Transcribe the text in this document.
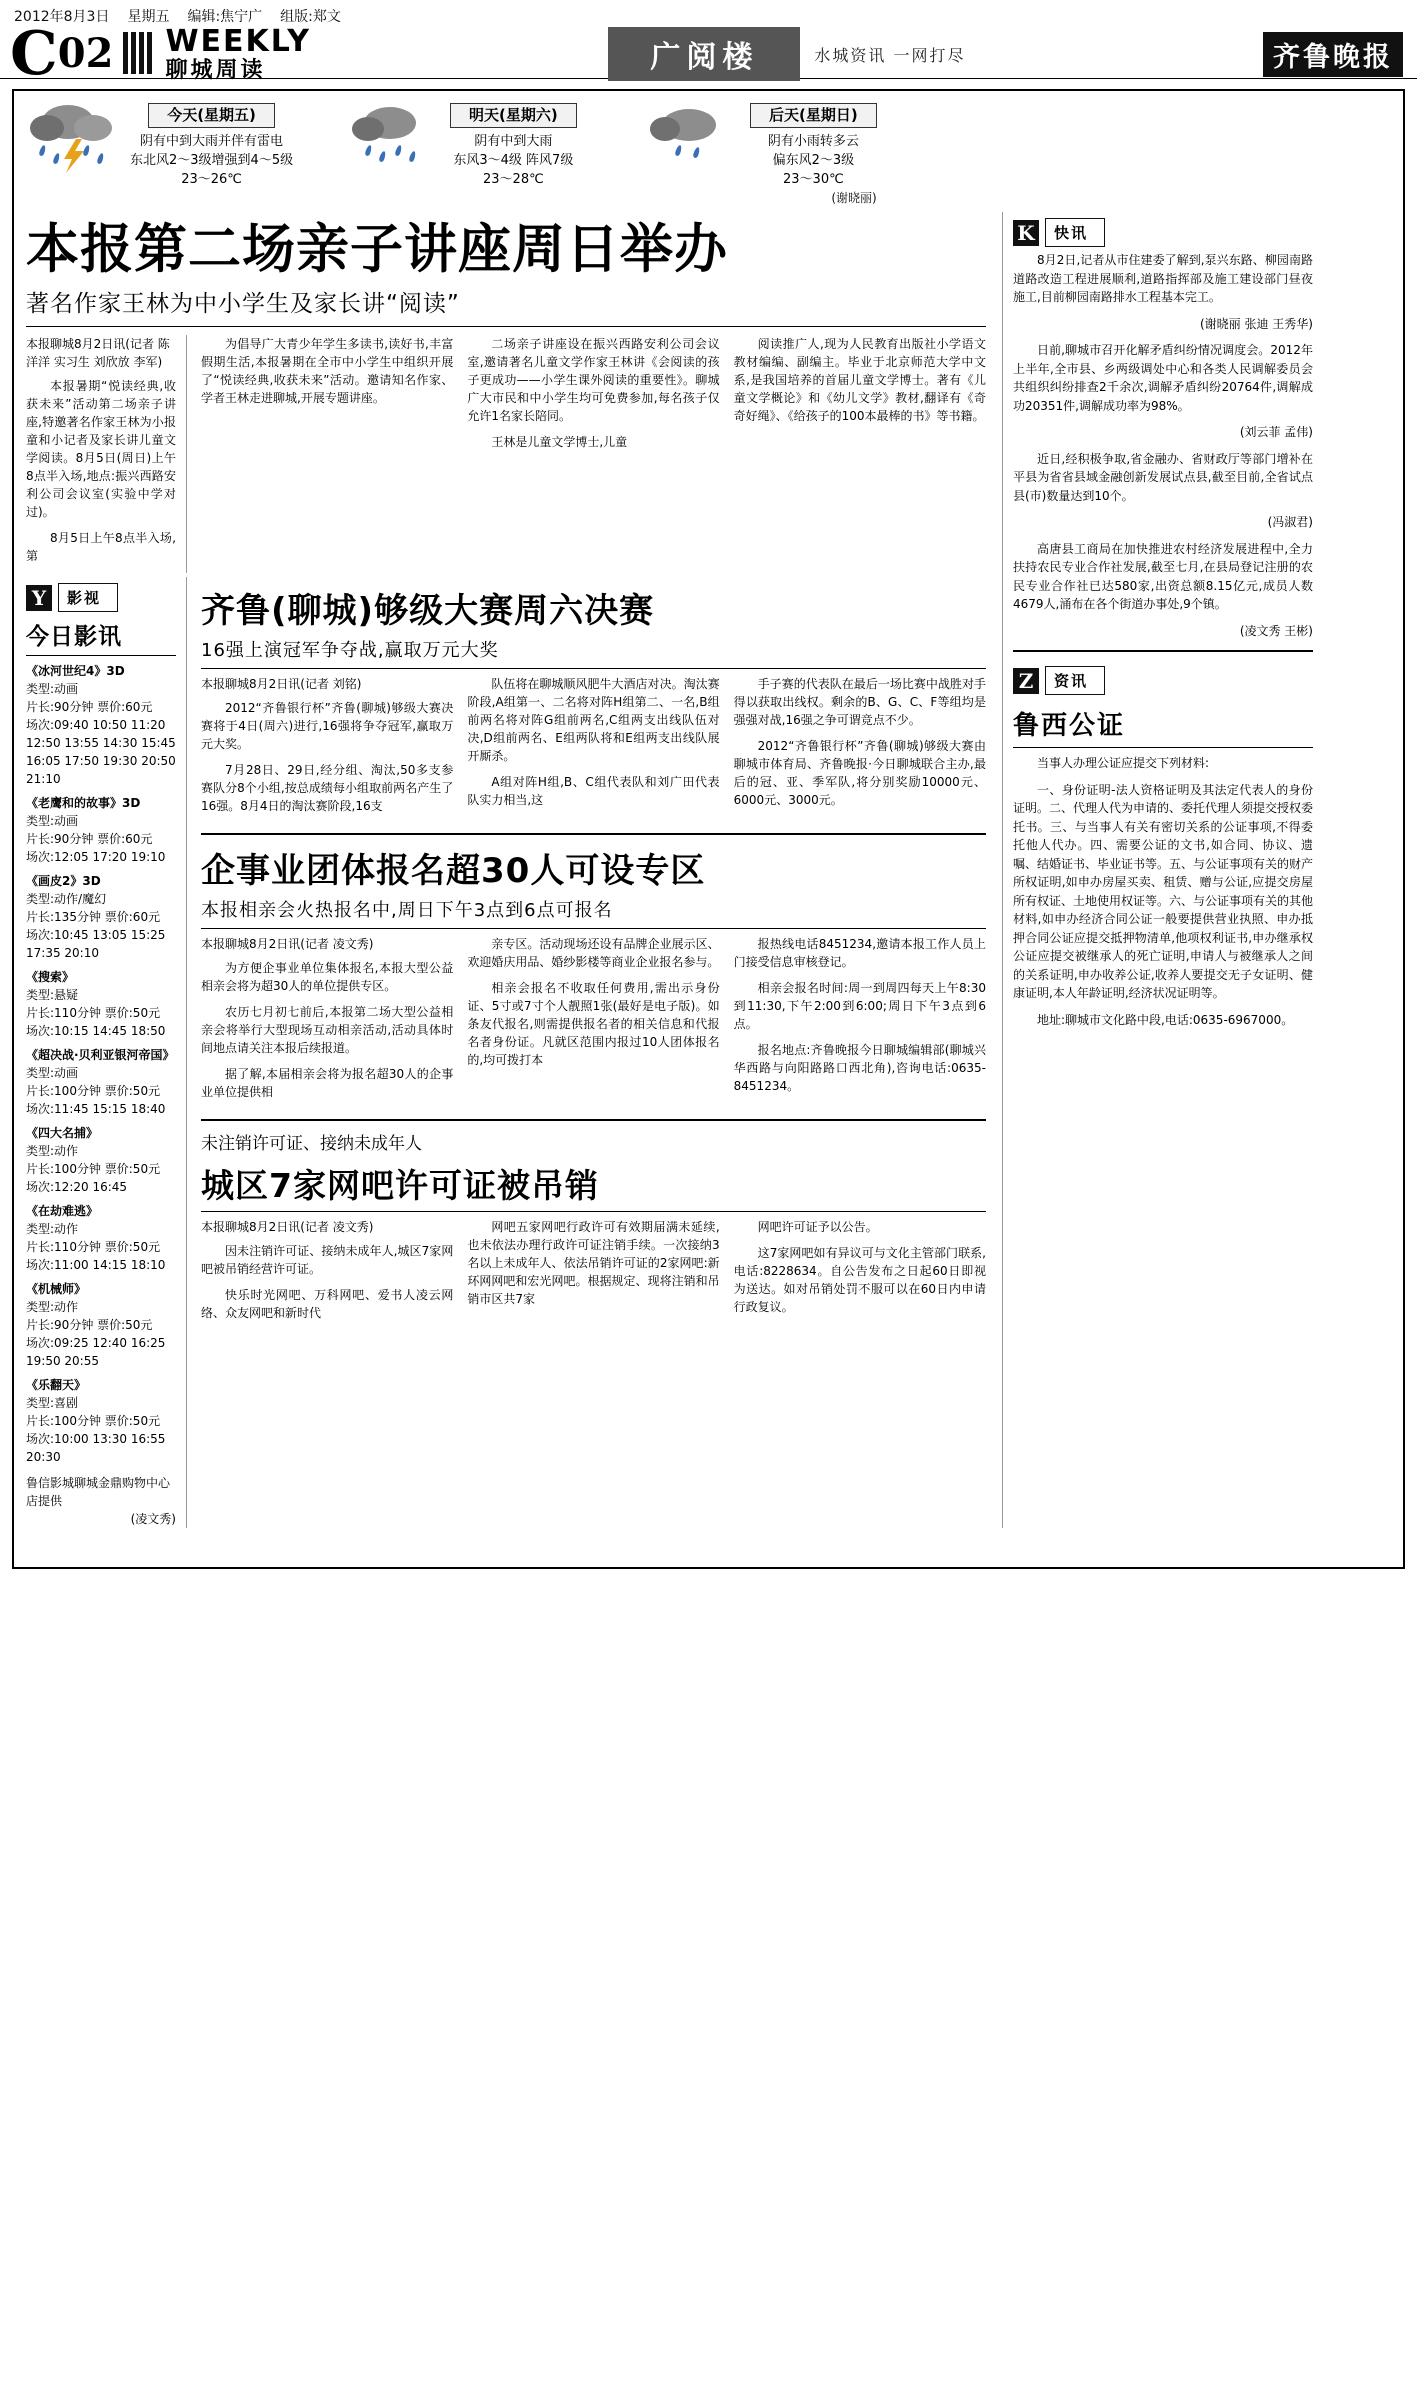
2012年8月3日 星期五 编辑:焦宁广 组版:郑文
C 02 WEEKLY
聊城周读	广阅楼	水城资讯 一网打尽	齐鲁晚报
今天(星期五)
阴有中到大雨并伴有雷电
东北风2～3级增强到4～5级
23～26℃
明天(星期六)
阴有中到大雨
东风3～4级 阵风7级
23～28℃
后天(星期日)
阴有小雨转多云
偏东风2～3级
23～30℃
(谢晓丽)
本报第二场亲子讲座周日举办
著名作家王林为中小学生及家长讲“阅读”
本报聊城8月2日讯(记者 陈洋洋 实习生 刘欣放 李军)

本报暑期“悦读经典,收获未来”活动第二场亲子讲座,特邀著名作家王林为小报童和小记者及家长讲儿童文学阅读。8月5日(周日)上午8点半入场,地点:振兴西路安利公司会议室(实验中学对过)。

8月5日上午8点半入场,第

为倡导广大青少年学生多读书,读好书,丰富假期生活,本报暑期在全市中小学生中组织开展了“悦读经典,收获未来”活动。邀请知名作家、学者王林走进聊城,开展专题讲座。

二场亲子讲座设在振兴西路安利公司会议室,邀请著名儿童文学作家王林讲《会阅读的孩子更成功——小学生课外阅读的重要性》。聊城广大市民和中小学生均可免费参加,每名孩子仅允许1名家长陪同。

王林是儿童文学博士,儿童

阅读推广人,现为人民教育出版社小学语文教材编编、副编主。毕业于北京师范大学中文系,是我国培养的首届儿童文学博士。著有《儿童文学概论》和《幼儿文学》教材,翻译有《奇奇好绳》、《给孩子的100本最棒的书》等书籍。

Y	影视
今日影讯
《冰河世纪4》3D
类型:动画
片长:90分钟 票价:60元
场次:09:40 10:50 11:20 12:50 13:55 14:30 15:45 16:05 17:50 19:30 20:50 21:10
《老鹰和的故事》3D
类型:动画
片长:90分钟 票价:60元
场次:12:05 17:20 19:10
《画皮2》3D
类型:动作/魔幻
片长:135分钟 票价:60元
场次:10:45 13:05 15:25 17:35 20:10
《搜索》
类型:悬疑
片长:110分钟 票价:50元
场次:10:15 14:45 18:50
《超决战·贝利亚银河帝国》
类型:动画
片长:100分钟 票价:50元
场次:11:45 15:15 18:40
《四大名捕》
类型:动作
片长:100分钟 票价:50元
场次:12:20 16:45
《在劫难逃》
类型:动作
片长:110分钟 票价:50元
场次:11:00 14:15 18:10
《机械师》
类型:动作
片长:90分钟 票价:50元
场次:09:25 12:40 16:25 19:50 20:55
《乐翻天》
类型:喜剧
片长:100分钟 票价:50元
场次:10:00 13:30 16:55 20:30
鲁信影城聊城金鼎购物中心
店提供
(凌文秀)
齐鲁(聊城)够级大赛周六决赛
16强上演冠军争夺战,赢取万元大奖
本报聊城8月2日讯(记者 刘铭)

2012“齐鲁银行杯”齐鲁(聊城)够级大赛决赛将于4日(周六)进行,16强将争夺冠军,赢取万元大奖。

7月28日、29日,经分组、淘汰,50多支参赛队分8个小组,按总成绩每小组取前两名产生了16强。8月4日的淘汰赛阶段,16支

队伍将在聊城顺风肥牛大酒店对决。淘汰赛阶段,A组第一、二名将对阵H组第二、一名,B组前两名将对阵G组前两名,C组两支出线队伍对决,D组前两名、E组两队将和E组两支出线队展开厮杀。

A组对阵H组,B、C组代表队和刘广田代表队实力相当,这

手子赛的代表队在最后一场比赛中战胜对手得以获取出线权。剩余的B、G、C、F等组均是强强对战,16强之争可谓竞点不少。

2012“齐鲁银行杯”齐鲁(聊城)够级大赛由聊城市体育局、齐鲁晚报·今日聊城联合主办,最后的冠、亚、季军队,将分别奖励10000元、6000元、3000元。

企事业团体报名超30人可设专区
本报相亲会火热报名中,周日下午3点到6点可报名
本报聊城8月2日讯(记者 凌文秀)

为方便企事业单位集体报名,本报大型公益相亲会将为超30人的单位提供专区。

农历七月初七前后,本报第二场大型公益相亲会将举行大型现场互动相亲活动,活动具体时间地点请关注本报后续报道。

据了解,本届相亲会将为报名超30人的企事业单位提供相

亲专区。活动现场还设有品牌企业展示区、欢迎婚庆用品、婚纱影楼等商业企业报名参与。

相亲会报名不收取任何费用,需出示身份证、5寸或7寸个人靓照1张(最好是电子版)。如条友代报名,则需提供报名者的相关信息和代报名者身份证。凡就区范围内报过10人团体报名的,均可拨打本

报热线电话8451234,邀请本报工作人员上门接受信息审核登记。

相亲会报名时间:周一到周四每天上午8:30到11:30,下午2:00到6:00;周日下午3点到6点。

报名地点:齐鲁晚报今日聊城编辑部(聊城兴华西路与向阳路路口西北角),咨询电话:0635-8451234。

未注销许可证、接纳未成年人
城区7家网吧许可证被吊销
本报聊城8月2日讯(记者 凌文秀)

因未注销许可证、接纳未成年人,城区7家网吧被吊销经营许可证。

快乐时光网吧、万科网吧、爱书人凌云网络、众友网吧和新时代

网吧五家网吧行政许可有效期届满未延续,也未依法办理行政许可证注销手续。一次接纳3名以上未成年人、依法吊销许可证的2家网吧:新环网网吧和宏光网吧。根据规定、现将注销和吊销市区共7家

网吧许可证予以公告。

这7家网吧如有异议可与文化主管部门联系,电话:8228634。自公告发布之日起60日即视为送达。如对吊销处罚不服可以在60日内申请行政复议。

K	快讯

8月2日,记者从市住建委了解到,泵兴东路、柳园南路道路改造工程进展顺利,道路指挥部及施工建设部门昼夜施工,目前柳园南路排水工程基本完工。

(谢晓丽 张迪 王秀华)

日前,聊城市召开化解矛盾纠纷情况调度会。2012年上半年,全市县、乡两级调处中心和各类人民调解委员会共组织纠纷排查2千余次,调解矛盾纠纷20764件,调解成功20351件,调解成功率为98%。

(刘云菲 孟伟)

近日,经积极争取,省金融办、省财政厅等部门增补在平县为省省县域金融创新发展试点县,截至目前,全省试点县(市)数量达到10个。

(冯淑君)

高唐县工商局在加快推进农村经济发展进程中,全力扶持农民专业合作社发展,截至七月,在县局登记注册的农民专业合作社已达580家,出资总额8.15亿元,成员人数4679人,涌布在各个街道办事处,9个镇。

(凌文秀 王彬)
Z	资讯
鲁西公证

当事人办理公证应提交下列材料:

一、身份证明-法人资格证明及其法定代表人的身份证明。二、代理人代为申请的、委托代理人须提交授权委托书。三、与当事人有关有密切关系的公证事项,不得委托他人代办。四、需要公证的文书,如合同、协议、遗嘱、结婚证书、毕业证书等。五、与公证事项有关的财产所权证明,如申办房屋买卖、租赁、赠与公证,应提交房屋所有权证、土地使用权证等。六、与公证事项有关的其他材料,如申办经济合同公证一般要提供营业执照、申办抵押合同公证应提交抵押物清单,他项权利证书,申办继承权公证应提交被继承人的死亡证明,申请人与被继承人之间的关系证明,申办收养公证,收养人要提交无子女证明、健康证明,本人年龄证明,经济状况证明等。

地址:聊城市文化路中段,电话:0635-6967000。
